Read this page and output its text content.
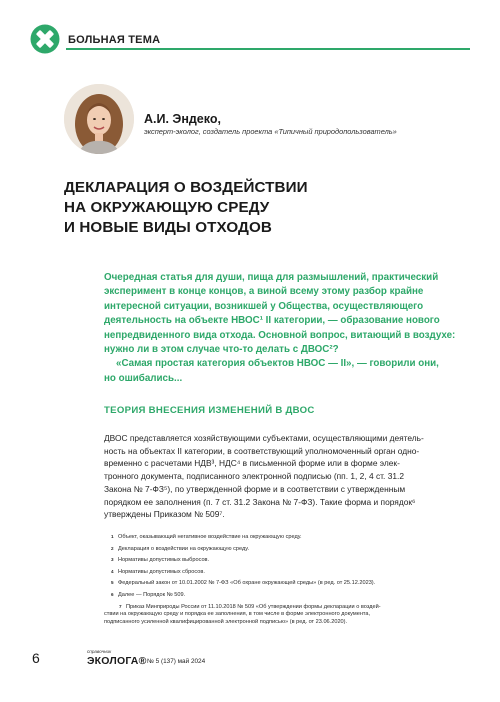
БОЛЬНАЯ ТЕМА
А.И. Эндеко,
эксперт-эколог, создатель проекта «Типичный природопользователь»
ДЕКЛАРАЦИЯ О ВОЗДЕЙСТВИИ
НА ОКРУЖАЮЩУЮ СРЕДУ
И НОВЫЕ ВИДЫ ОТХОДОВ
Очередная статья для души, пища для размышлений, практический
эксперимент в конце концов, а виной всему этому разбор крайне
интересной ситуации, возникшей у Общества, осуществляющего
деятельность на объекте НВОС¹ II категории, — образование нового
непредвиденного вида отхода. Основной вопрос, витающий в воздухе:
нужно ли в этом случае что-то делать с ДВОС²?
«Самая простая категория объектов НВОС — II», — говорили они,
но ошибались...
ТЕОРИЯ ВНЕСЕНИЯ ИЗМЕНЕНИЙ В ДВОС
ДВОС представляется хозяйствующими субъектами, осуществляющими деятель-
ность на объектах II категории, в соответствующий уполномоченный орган одно-
временно с расчетами НДВ³, НДС⁴ в письменной форме или в форме элек-
тронного документа, подписанного электронной подписью (пп. 1, 2, 4 ст. 31.2
Закона № 7-ФЗ⁵), по утвержденной форме и в соответствии с утвержденным
порядком ее заполнения (п. 7 ст. 31.2 Закона № 7-ФЗ). Такие форма и порядок⁶
утверждены Приказом № 509⁷.
1 Объект, оказывающий негативное воздействие на окружающую среду.
2 Декларация о воздействии на окружающую среду.
3 Нормативы допустимых выбросов.
4 Нормативы допустимых сбросов.
5 Федеральный закон от 10.01.2002 № 7-ФЗ «Об охране окружающей среды» (в ред. от 25.12.2023).
6 Далее — Порядок № 509.
7 Приказ Минприроды России от 11.10.2018 № 509 «Об утверждении формы декларации о воздей-
ствии на окружающую среду и порядка ее заполнения, в том числе в форме электронного документа,
подписанного усиленной квалифицированной электронной подписью» (в ред. от 23.06.2020).
6	справочник
ЭКОЛОГА® № 5 (137) май 2024
